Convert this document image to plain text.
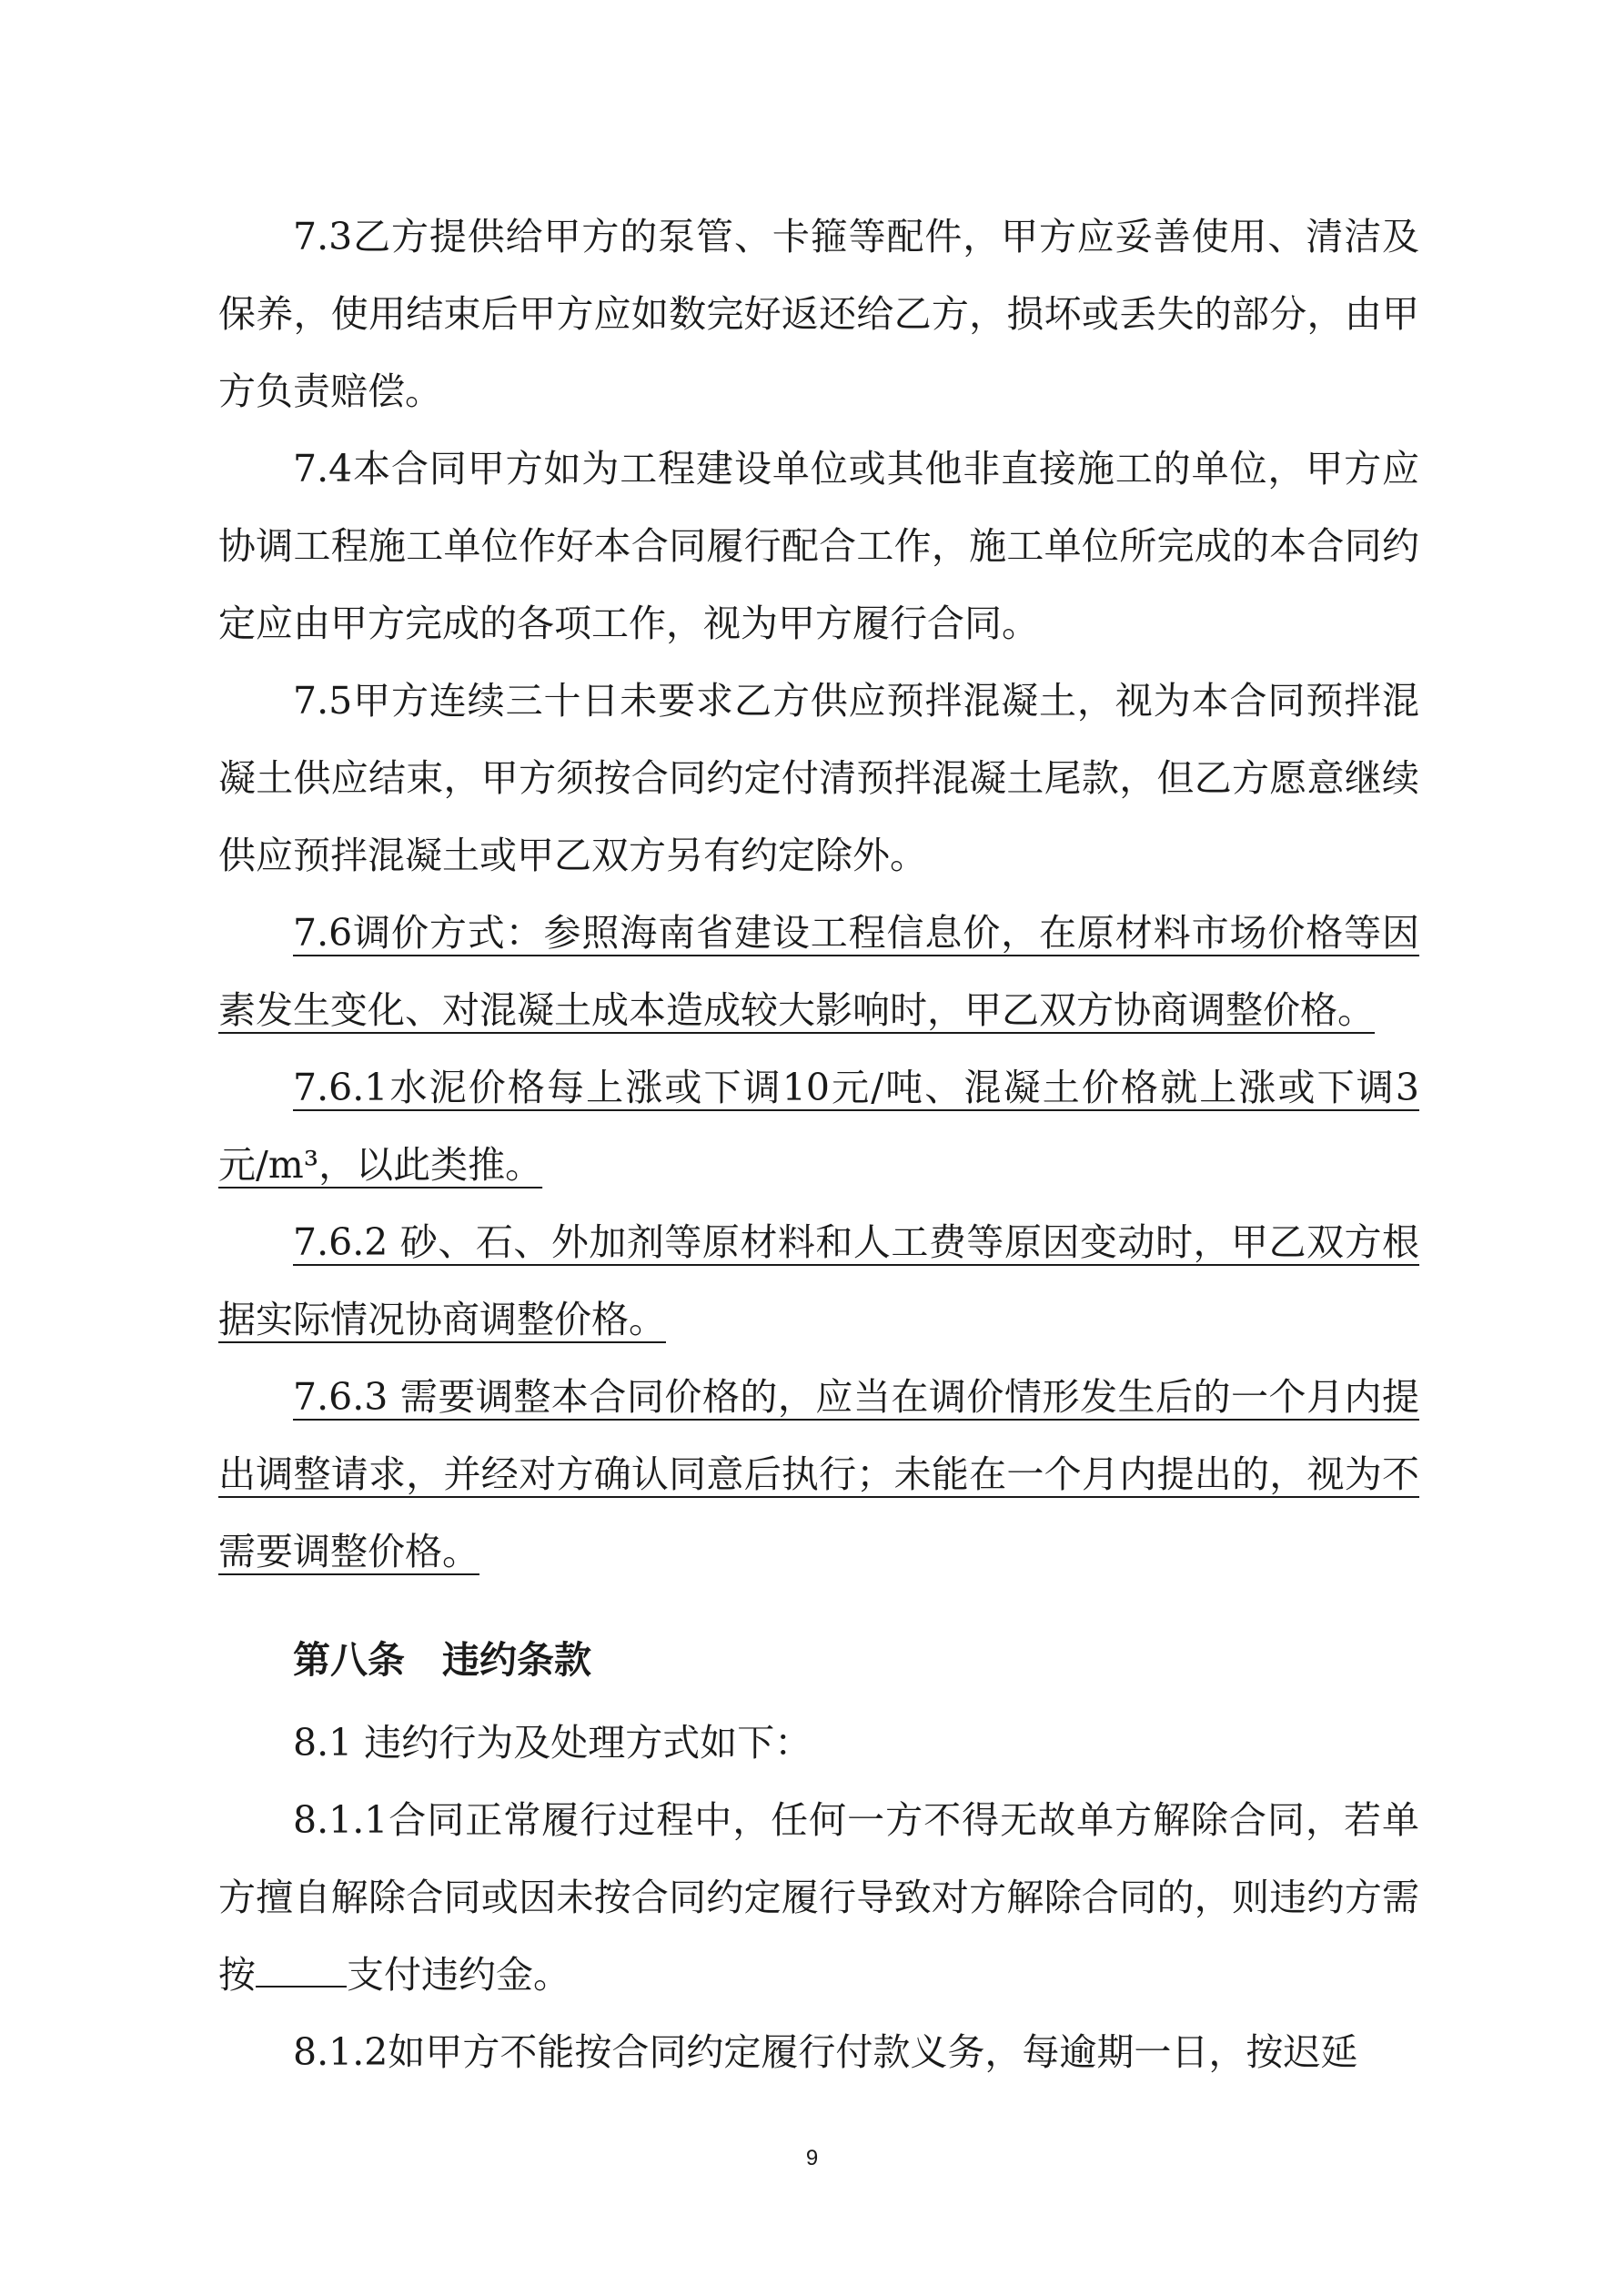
7.3乙方提供给甲方的泵管、卡箍等配件，甲方应妥善使用、清洁及保养，使用结束后甲方应如数完好返还给乙方，损坏或丢失的部分，由甲方负责赔偿。

7.4本合同甲方如为工程建设单位或其他非直接施工的单位，甲方应协调工程施工单位作好本合同履行配合工作，施工单位所完成的本合同约定应由甲方完成的各项工作，视为甲方履行合同。

7.5甲方连续三十日未要求乙方供应预拌混凝土，视为本合同预拌混凝土供应结束，甲方须按合同约定付清预拌混凝土尾款，但乙方愿意继续供应预拌混凝土或甲乙双方另有约定除外。

7.6调价方式：参照海南省建设工程信息价，在原材料市场价格等因素发生变化、对混凝土成本造成较大影响时，甲乙双方协商调整价格。

7.6.1水泥价格每上涨或下调10元/吨、混凝土价格就上涨或下调3元/m³，以此类推。

7.6.2 砂、石、外加剂等原材料和人工费等原因变动时，甲乙双方根据实际情况协商调整价格。

7.6.3 需要调整本合同价格的，应当在调价情形发生后的一个月内提出调整请求，并经对方确认同意后执行；未能在一个月内提出的，视为不需要调整价格。

第八条　违约条款

8.1 违约行为及处理方式如下：

8.1.1合同正常履行过程中，任何一方不得无故单方解除合同，若单方擅自解除合同或因未按合同约定履行导致对方解除合同的，则违约方需按 支付违约金。

8.1.2如甲方不能按合同约定履行付款义务，每逾期一日，按迟延

9
